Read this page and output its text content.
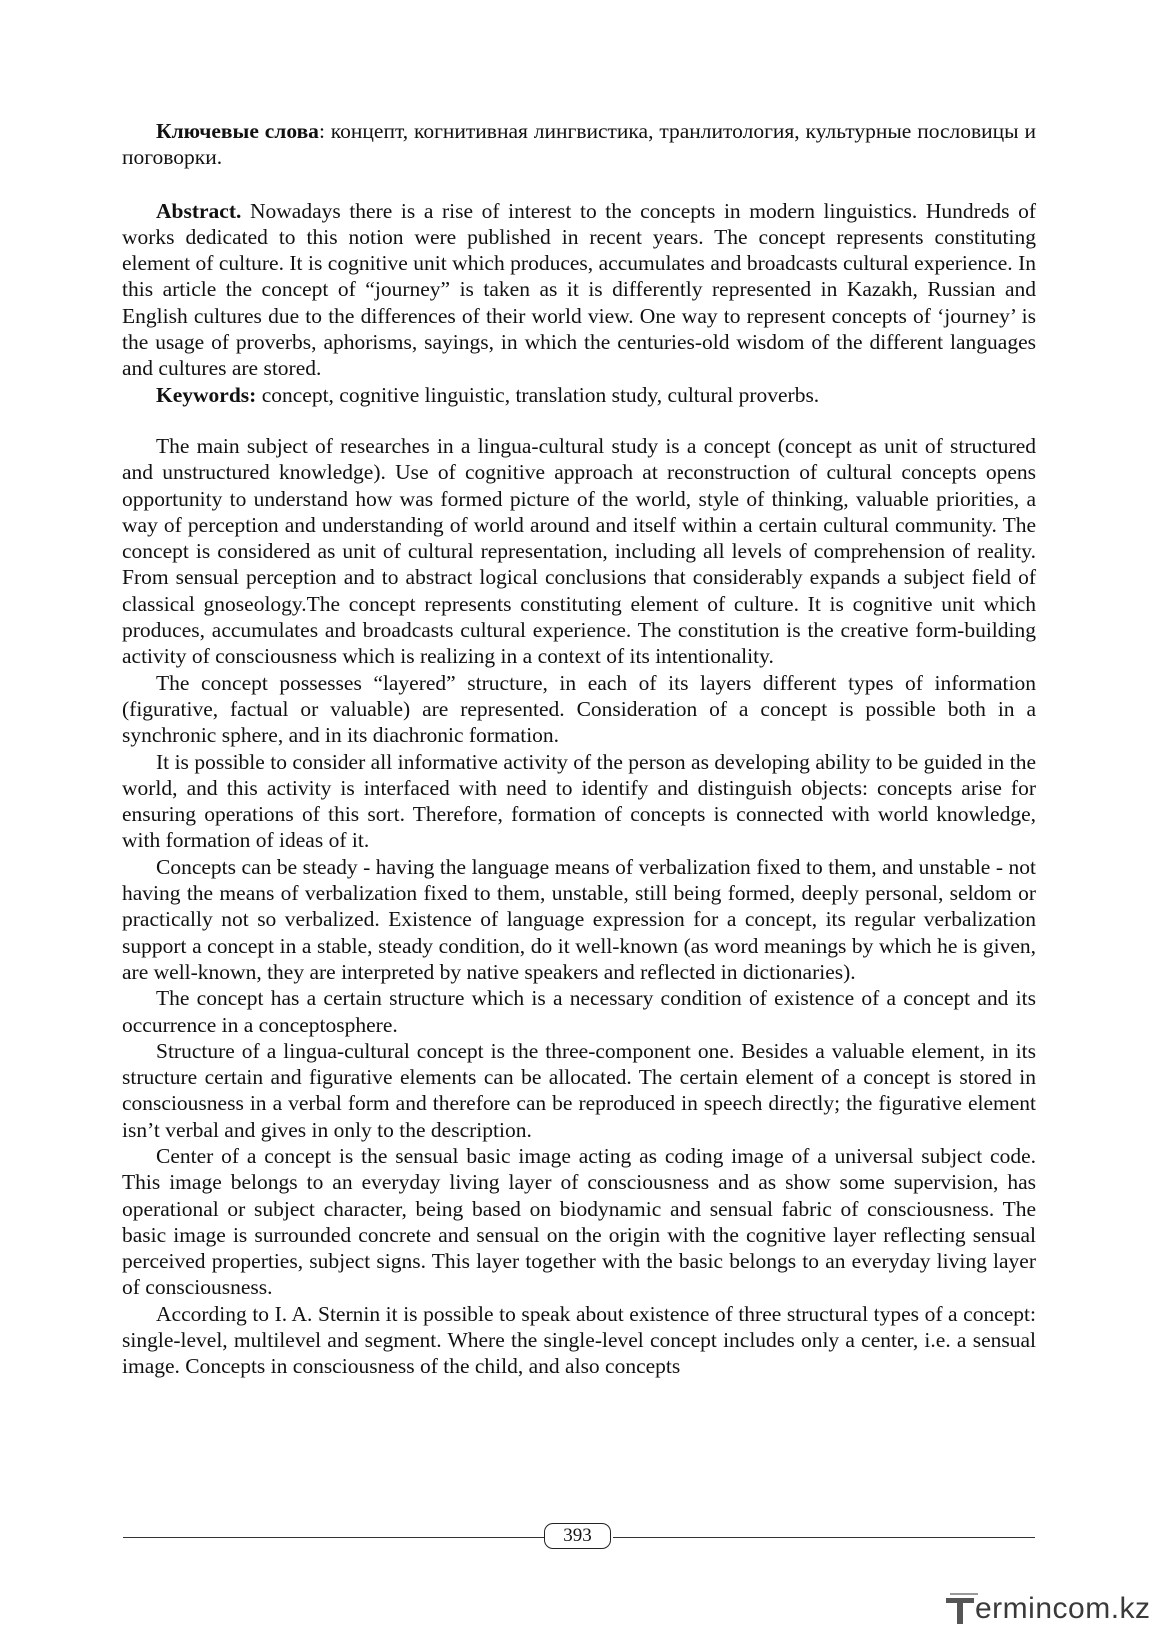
Ключевые слова: концепт, когнитивная лингвистика, транлитология, культурные пословицы и поговорки.

Abstract. Nowadays there is a rise of interest to the concepts in modern linguistics. Hundreds of works dedicated to this notion were published in recent years. The concept represents constituting element of culture. It is cognitive unit which produces, accumulates and broadcasts cultural experience. In this article the concept of “journey” is taken as it is differently represented in Kazakh, Russian and English cultures due to the differences of their world view. One way to represent concepts of ‘journey’ is the usage of proverbs, aphorisms, sayings, in which the centuries-old wisdom of the different languages and cultures are stored.

Keywords: concept, cognitive linguistic, translation study, cultural proverbs.

The main subject of researches in a lingua-cultural study is a concept (concept as unit of structured and unstructured knowledge). Use of cognitive approach at reconstruction of cultural concepts opens opportunity to understand how was formed picture of the world, style of thinking, valuable priorities, a way of perception and understanding of world around and itself within a certain cultural community. The concept is considered as unit of cultural representation, including all levels of comprehension of reality. From sensual perception and to abstract logical conclusions that considerably expands a subject field of classical gnoseology.The concept represents constituting element of culture. It is cognitive unit which produces, accumulates and broadcasts cultural experience. The constitution is the creative form-building activity of consciousness which is realizing in a context of its intentionality.

The concept possesses “layered” structure, in each of its layers different types of information (figurative, factual or valuable) are represented. Consideration of a concept is possible both in a synchronic sphere, and in its diachronic formation.

It is possible to consider all informative activity of the person as developing ability to be guided in the world, and this activity is interfaced with need to identify and distinguish objects: concepts arise for ensuring operations of this sort. Therefore, formation of concepts is connected with world knowledge, with formation of ideas of it.

Concepts can be steady - having the language means of verbalization fixed to them, and unstable - not having the means of verbalization fixed to them, unstable, still being formed, deeply personal, seldom or practically not so verbalized. Existence of language expression for a concept, its regular verbalization support a concept in a stable, steady condition, do it well-known (as word meanings by which he is given, are well-known, they are interpreted by native speakers and reflected in dictionaries).

The concept has a certain structure which is a necessary condition of existence of a concept and its occurrence in a conceptosphere.

Structure of a lingua-cultural concept is the three-component one. Besides a valuable element, in its structure certain and figurative elements can be allocated. The certain element of a concept is stored in consciousness in a verbal form and therefore can be reproduced in speech directly; the figurative element isn’t verbal and gives in only to the description.

Center of a concept is the sensual basic image acting as coding image of a universal subject code. This image belongs to an everyday living layer of consciousness and as show some supervision, has operational or subject character, being based on biodynamic and sensual fabric of consciousness. The basic image is surrounded concrete and sensual on the origin with the cognitive layer reflecting sensual perceived properties, subject signs. This layer together with the basic belongs to an everyday living layer of consciousness.

According to I. A. Sternin it is possible to speak about existence of three structural types of a concept: single-level, multilevel and segment. Where the single-level concept includes only a center, i.e. a sensual image. Concepts in consciousness of the child, and also concepts

393
ermincom.kz
